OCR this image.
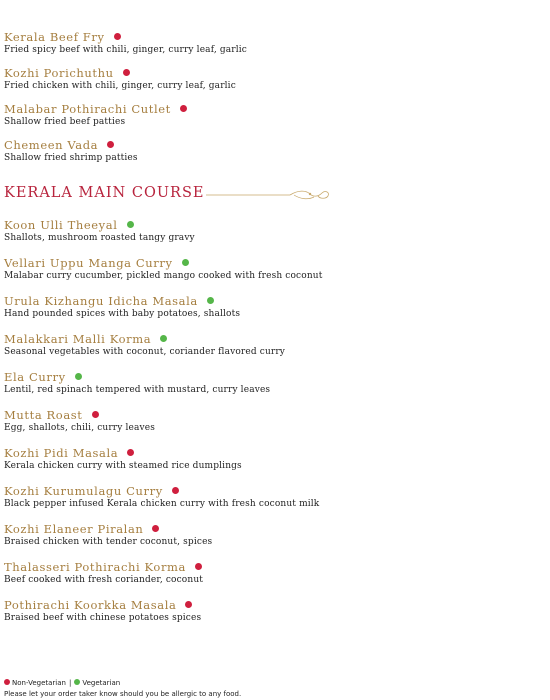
Kerala Beef Fry
Fried spicy beef with chili, ginger, curry leaf, garlic
Kozhi Porichuthu
Fried chicken with chili, ginger, curry leaf, garlic
Malabar Pothirachi Cutlet
Shallow fried beef patties
Chemeen Vada
Shallow fried shrimp patties
KERALA MAIN COURSE
Koon Ulli Theeyal
Shallots, mushroom roasted tangy gravy
Vellari Uppu Manga Curry
Malabar curry cucumber, pickled mango cooked with fresh coconut
Urula Kizhangu Idicha Masala
Hand pounded spices with baby potatoes, shallots
Malakkari Malli Korma
Seasonal vegetables with coconut, coriander flavored curry
Ela Curry
Lentil, red spinach tempered with mustard, curry leaves
Mutta Roast
Egg, shallots, chili, curry leaves
Kozhi Pidi Masala
Kerala chicken curry with steamed rice dumplings
Kozhi Kurumulagu Curry
Black pepper infused Kerala chicken curry with fresh coconut milk
Kozhi Elaneer Piralan
Braised chicken with tender coconut, spices
Thalasseri Pothirachi Korma
Beef cooked with fresh coriander, coconut
Pothirachi Koorkka Masala
Braised beef with chinese potatoes spices
Non-Vegetarian | Vegetarian
Please let your order taker know should you be allergic to any food.
